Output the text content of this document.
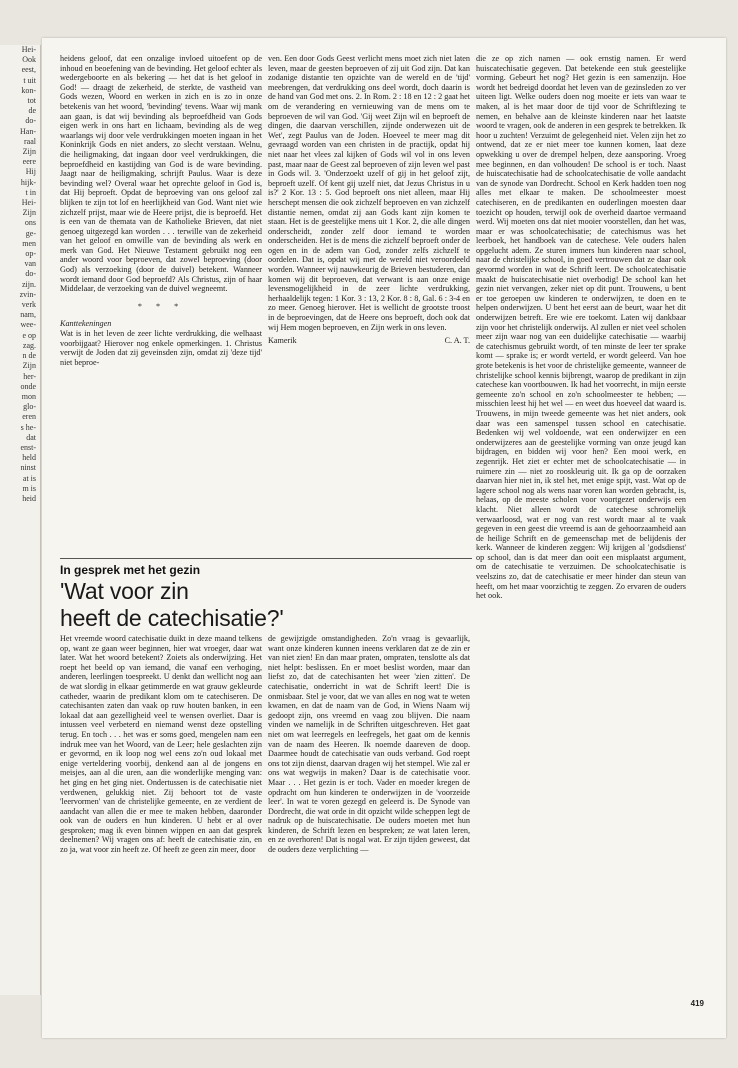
Hei-
Ook
eest,
t uit
kon-
tot
de
do-
Han-
raal
Zijn
eere
Hij
hijk-
t in
Hei-
Zijn
ons
ge-
men
op-
van
do-
zijn.
zvin-
verk
nam,
wee-
e op
zag.
n de
Zijn
her-
onde
mon
glo-
eren
s he-
dat
enst-
held
ninst
at is
m is
heid

heidens geloof, dat een onzalige invloed uitoefent op de inhoud en beoefening van de bevinding. Het geloof echter als wedergeboorte en als bekering — het dat is het geloof in God! — draagt de zekerheid, de sterkte, de vastheid van Gods wezen, Woord en werken in zich en is zo in onze betekenis van het woord, 'bevinding' tevens. Waar wij mank aan gaan, is dat wij bevinding als beproefdheid van Gods eigen werk in ons hart en lichaam, bevinding als de weg waarlangs wij door vele verdrukkingen moeten ingaan in het Koninkrijk Gods en niet anders, zo slecht verstaan. Welnu, die heiligmaking, dat ingaan door veel verdrukkingen, die beproefdheid en kastijding van God is de ware bevinding. Jaagt naar de heiligmaking, schrijft Paulus. Waar is deze bevinding wel? Overal waar het oprechte geloof in God is, dat Hij beproeft. Opdat de beproeving van ons geloof zal blijken te zijn tot lof en heerlijkheid van God. Want niet wie zichzelf prijst, maar wie de Heere prijst, die is beproefd. Het is een van de themata van de Katholieke Brieven, dat niet genoeg uitgezegd kan worden . . . terwille van de zekerheid van het geloof en omwille van de bevinding als werk en merk van God. Het Nieuwe Testament gebruikt nog een ander woord voor beproeven, dat zowel beproeving (door God) als verzoeking (door de duivel) betekent. Wanneer wordt iemand door God beproefd? Als Christus, zijn of haar Middelaar, de verzoeking van de duivel wegneemt.

* * *
Kanttekeningen

Wat is in het leven de zeer lichte verdrukking, die welhaast voorbijgaat? Hierover nog enkele opmerkingen. 1. Christus verwijt de Joden dat zij geveinsden zijn, omdat zij 'deze tijd' niet beproe-

ven. Een door Gods Geest verlicht mens moet zich niet laten leven, maar de geesten beproeven of zij uit God zijn. Dat kan zodanige distantie ten opzichte van de wereld en de 'tijd' meebrengen, dat verdrukking ons deel wordt, doch daarin is de hand van God met ons. 2. In Rom. 2 : 18 en 12 : 2 gaat het om de verandering en vernieuwing van de mens om te beproeven de wil van God. 'Gij weet Zijn wil en beproeft de dingen, die daarvan verschillen, zijnde onderwezen uit de Wet', zegt Paulus van de Joden. Hoeveel te meer mag dit gevraagd worden van een christen in de practijk, opdat hij niet naar het vlees zal kijken of Gods wil vol in ons leven past, maar naar de Geest zal beproeven of zijn leven wel past in Gods wil. 3. 'Onderzoekt uzelf of gij in het geloof zijt, beproeft uzelf. Of kent gij uzelf niet, dat Jezus Christus in u is?' 2 Kor. 13 : 5. God beproeft ons niet alleen, maar Hij herschept mensen die ook zichzelf beproeven en van zichzelf distantie nemen, omdat zij aan Gods kant zijn komen te staan. Het is de geestelijke mens uit 1 Kor. 2, die alle dingen onderscheidt, zonder zelf door iemand te worden onderscheiden. Het is de mens die zichzelf beproeft onder de ogen en in de adem van God, zonder zelfs zichzelf te oordelen. Dat is, opdat wij met de wereld niet veroordeeld worden. Wanneer wij nauwkeurig de Brieven bestuderen, dan komen wij dit beproeven, dat verwant is aan onze enige levensmogelijkheid in de zeer lichte verdrukking, herhaaldelijk tegen: 1 Kor. 3 : 13, 2 Kor. 8 : 8, Gal. 6 : 3-4 en zo meer. Genoeg hierover. Het is wellicht de grootste troost in de beproevingen, dat de Heere ons beproeft, doch ook dat wij Hem mogen beproeven, en Zijn werk in ons leven.

Kamerik	C. A. T.
In gesprek met het gezin
'Wat voor zin
heeft de catechisatie?'

Het vreemde woord catechisatie duikt in deze maand telkens op, want ze gaan weer beginnen, hier wat vroeger, daar wat later. Wat het woord betekent? Zoiets als onderwijzing. Het roept het beeld op van iemand, die vanaf een verhoging, anderen, leerlingen toespreekt. U denkt dan wellicht nog aan de wat slordig in elkaar getimmerde en wat grauw gekleurde catheder, waarin de predikant klom om te catechiseren. De catechisanten zaten dan vaak op ruw houten banken, in een lokaal dat aan gezelligheid veel te wensen overliet. Daar is intussen veel verbeterd en niemand wenst deze opstelling terug. En toch . . . het was er soms goed, mengelen nam een indruk mee van het Woord, van de Leer; hele geslachten zijn er gevormd, en ik loop nog wel eens zo'n oud lokaal met enige verteldering voorbij, denkend aan al de jongens en meisjes, aan al die uren, aan die wonderlijke menging van: het ging en het ging niet. Ondertussen is de catechisatie niet verdwenen, gelukkig niet. Zij behoort tot de vaste 'leervormen' van de christelijke gemeente, en ze verdient de aandacht van allen die er mee te maken hebben, daaronder ook van de ouders en hun kinderen. U hebt er al over gesproken; mag ik even binnen wippen en aan dat gesprek deelnemen? Wij vragen ons af: heeft de catechisatie zin, en zo ja, wat voor zin heeft ze. Of heeft ze geen zin meer, door

de gewijzigde omstandigheden. Zo'n vraag is gevaarlijk, want onze kinderen kunnen ineens verklaren dat ze de zin er van niet zien! En dan maar praten, ompraten, tenslotte als dat niet helpt: beslissen. En er moet beslist worden, maar dan liefst zo, dat de catechisanten het weer 'zien zitten'. De catechisatie, onderricht in wat de Schrift leert! Die is onmisbaar. Stel je voor, dat we van alles en nog wat te weten kwamen, en dat de naam van de God, in Wiens Naam wij gedoopt zijn, ons vreemd en vaag zou blijven. Die naam vinden we namelijk in de Schriften uitgeschreven. Het gaat niet om wat leerregels en leefregels, het gaat om de kennis van de naam des Heeren. Ik noemde daareven de doop. Daarmee houdt de catechisatie van ouds verband. God roept ons tot zijn dienst, daarvan dragen wij het stempel. Wie zal er ons wat wegwijs in maken? Daar is de catechisatie voor. Maar . . . Het gezin is er toch. Vader en moeder kregen de opdracht om hun kinderen te onderwijzen in de 'voorzeide leer'. In wat te voren gezegd en geleerd is. De Synode van Dordrecht, die wat orde in dit opzicht wilde scheppen legt de nadruk op de huiscatechisatie. De ouders moeten met hun kinderen, de Schrift lezen en bespreken; ze wat laten leren, en ze overhoren! Dat is nogal wat. Er zijn tijden geweest, dat de ouders deze verplichting —

die ze op zich namen — ook ernstig namen. Er werd huiscatechisatie gegeven. Dat betekende een stuk geestelijke vorming. Gebeurt het nog? Het gezin is een samenzijn. Hoe wordt het bedreigd doordat het leven van de gezinsleden zo ver uiteen ligt. Welke ouders doen nog moeite er iets van waar te maken, al is het maar door de tijd voor de Schriftlezing te nemen, en behalve aan de kleinste kinderen naar het laatste woord te vragen, ook de anderen in een gesprek te betrekken. Ik hoor u zuchten! Verzuimt de gelegenheid niet. Velen zijn het zo ontwend, dat ze er niet meer toe kunnen komen, laat deze opwekking u over de drempel helpen, deze aansporing. Vroeg mee beginnen, en dan volhouden! De school is er toch. Naast de huiscatechisatie had de schoolcatechisatie de volle aandacht van de synode van Dordrecht. School en Kerk hadden toen nog alles met elkaar te maken. De schoolmeester moest catechiseren, en de predikanten en ouderlingen moesten daar toezicht op houden, terwijl ook de overheid daartoe vermaand werd. Wij moeten ons dat niet mooier voorstellen, dan het was, maar er was schoolcatechisatie; de catechismus was het leerboek, het handboek van de catechese. Vele ouders halen opgelucht adem. Ze sturen immers hun kinderen naar school, naar de christelijke school, in goed vertrouwen dat ze daar ook gevormd worden in wat de Schrift leert. De schoolcatechisatie maakt de huiscatechisatie niet overbodig! De school kan het gezin niet vervangen, zeker niet op dit punt. Trouwens, u bent er toe geroepen uw kinderen te onderwijzen, te doen en te helpen onderwijzen. U bent het eerst aan de beurt, waar het dit onderwijzen betreft. Ere wie ere toekomt. Laten wij dankbaar zijn voor het christelijk onderwijs. Al zullen er niet veel scholen meer zijn waar nog van een duidelijke catechisatie — waarbij de catechismus gebruikt wordt, of ten minste de leer ter sprake komt — sprake is; er wordt verteld, er wordt geleerd. Van hoe grote betekenis is het voor de christelijke gemeente, wanneer de christelijke school kennis bijbrengt, waarop de predikant in zijn catechese kan voortbouwen. Ik had het voorrecht, in mijn eerste gemeente zo'n school en zo'n schoolmeester te hebben; — misschien leest hij het wel — en weet dus hoeveel dat waard is. Trouwens, in mijn tweede gemeente was het niet anders, ook daar was een samenspel tussen school en catechisatie. Bedenken wij wel voldoende, wat een onderwijzer en een onderwijzeres aan de geestelijke vorming van onze jeugd kan bijdragen, en bidden wij voor hen? Een mooi werk, en zegenrijk. Het ziet er echter met de schoolcatechisatie — in ruimere zin — niet zo rooskleurig uit. Ik ga op de oorzaken daarvan hier niet in, ik stel het, met enige spijt, vast. Wat op de lagere school nog als wens naar voren kan worden gebracht, is, helaas, op de meeste scholen voor voortgezet onderwijs een klacht. Niet alleen wordt de catechese schromelijk verwaarloosd, wat er nog van rest wordt maar al te vaak gegeven in een geest die vreemd is aan de gehoorzaamheid aan de heilige Schrift en de gemeenschap met de belijdenis der kerk. Wanneer de kinderen zeggen: Wij krijgen al 'godsdienst' op school, dan is dat meer dan ooit een misplaatst argument, om de catechisatie te verzuimen. De schoolcatechisatie is veelszins zo, dat de catechisatie er meer hinder dan steun van heeft, om het maar voorzichtig te zeggen. Zo ervaren de ouders het ook.

419
